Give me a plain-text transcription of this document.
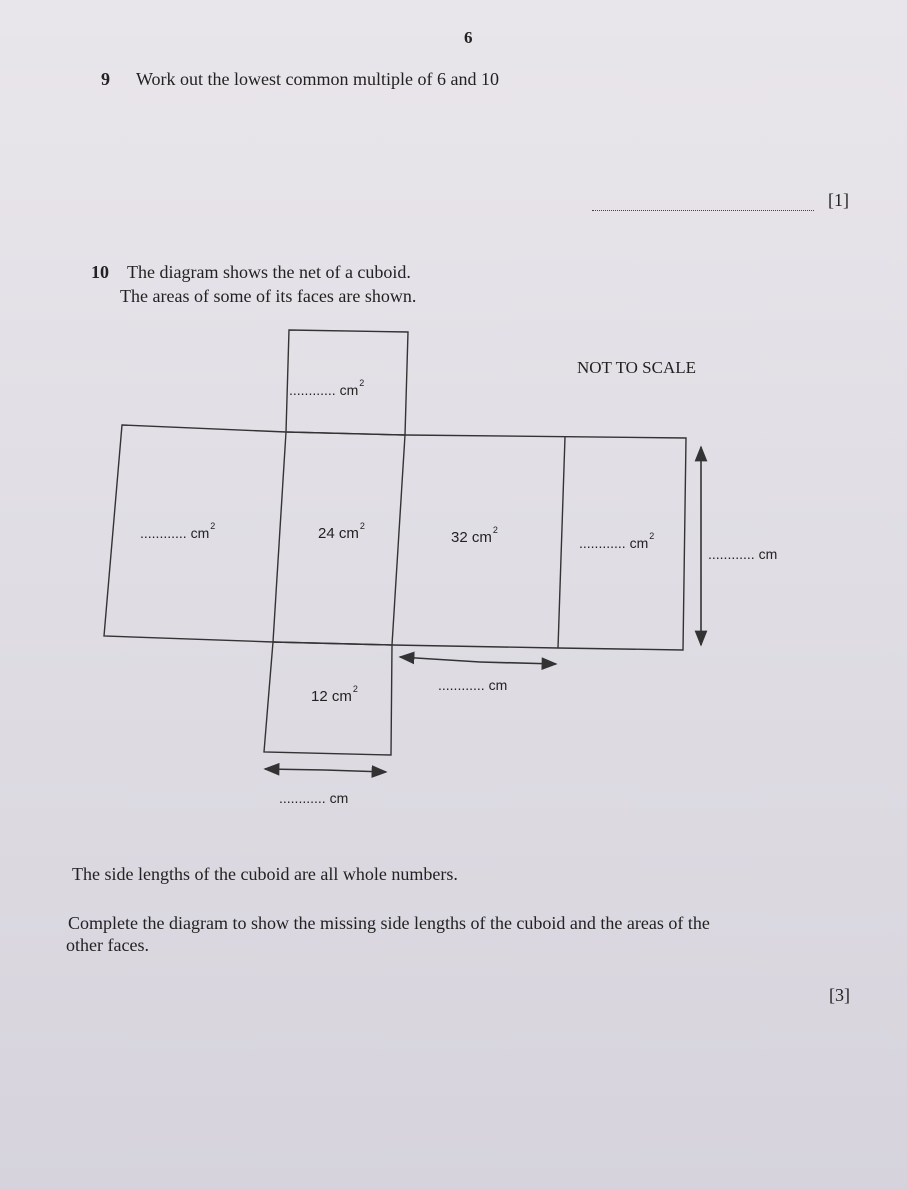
6
9 Work out the lowest common multiple of 6 and 10
[1]
10 The diagram shows the net of a cuboid.
The areas of some of its faces are shown.
NOT TO SCALE
............ $cm^2$
............ $cm^2$	24 $cm^2$
32 $cm^2$
............ $cm^2$
12 $cm^2$
............ cm
............ cm
............ cm
The side lengths of the cuboid are all whole numbers.
Complete the diagram to show the missing side lengths of the cuboid and the areas of the
other faces.
[3]
